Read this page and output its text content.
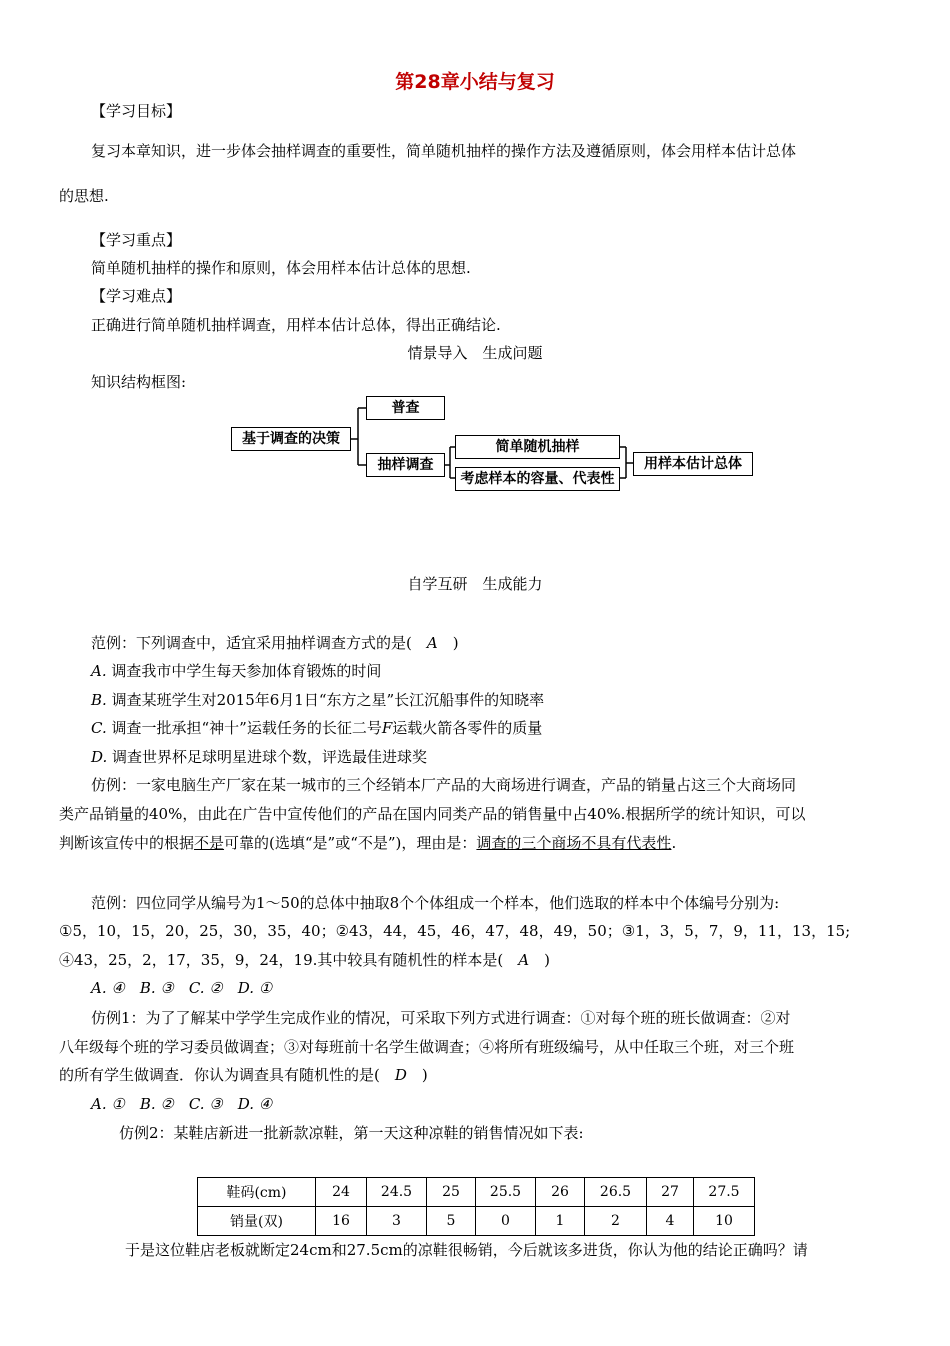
第28章小结与复习
【学习目标】
复习本章知识，进一步体会抽样调查的重要性，简单随机抽样的操作方法及遵循原则，体会用样本估计总体
的思想.
【学习重点】
简单随机抽样的操作和原则，体会用样本估计总体的思想.
【学习难点】
正确进行简单随机抽样调查，用样本估计总体，得出正确结论.
情景导入　生成问题
知识结构框图:
基于调查的决策
普查
抽样调查
简单随机抽样
考虑样本的容量、代表性
用样本估计总体
自学互研　生成能力
范例：下列调查中，适宜采用抽样调查方式的是(　A　)
A. 调查我市中学生每天参加体育锻炼的时间
B. 调查某班学生对2015年6月1日“东方之星”长江沉船事件的知晓率
C. 调查一批承担“神十”运载任务的长征二号F运载火箭各零件的质量
D. 调查世界杯足球明星进球个数，评选最佳进球奖
仿例：一家电脑生产厂家在某一城市的三个经销本厂产品的大商场进行调查，产品的销量占这三个大商场同
类产品销量的40%，由此在广告中宣传他们的产品在国内同类产品的销售量中占40%.根据所学的统计知识，可以
判断该宣传中的根据不是可靠的(选填“是”或“不是”)，理由是：调查的三个商场不具有代表性.
范例：四位同学从编号为1～50的总体中抽取8个个体组成一个样本，他们选取的样本中个体编号分别为:
①5，10，15，20，25，30，35，40；②43，44，45，46，47，48，49，50；③1，3，5，7，9，11，13，15;
④43，25，2，17，35，9，24，19.其中较具有随机性的样本是(　A　)
A. ④　B. ③　C. ②　D. ①
仿例1：为了了解某中学学生完成作业的情况，可采取下列方式进行调查：①对每个班的班长做调查：②对
八年级每个班的学习委员做调查；③对每班前十名学生做调查；④将所有班级编号，从中任取三个班，对三个班
的所有学生做调查．你认为调查具有随机性的是(　D　)
A. ①　B. ②　C. ③　D. ④
仿例2：某鞋店新进一批新款凉鞋，第一天这种凉鞋的销售情况如下表:
鞋码(cm)	24	24.5	25	25.5	26	26.5	27	27.5
销量(双)	16	3	5	0	1	2	4	10
于是这位鞋店老板就断定24cm和27.5cm的凉鞋很畅销，今后就该多进货，你认为他的结论正确吗？请
